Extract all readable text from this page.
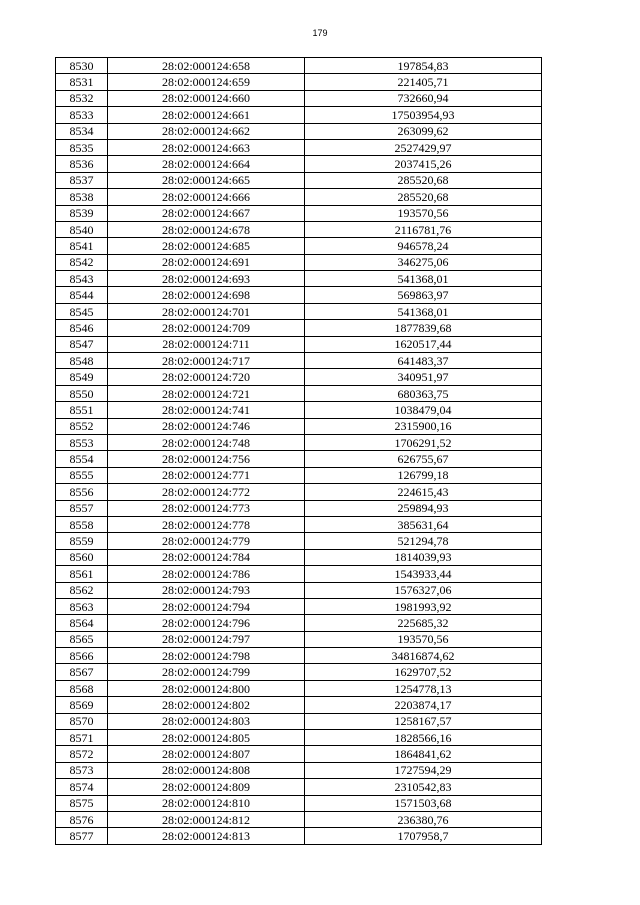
179
8530	28:02:000124:658	197854,83
8531	28:02:000124:659	221405,71
8532	28:02:000124:660	732660,94
8533	28:02:000124:661	17503954,93
8534	28:02:000124:662	263099,62
8535	28:02:000124:663	2527429,97
8536	28:02:000124:664	2037415,26
8537	28:02:000124:665	285520,68
8538	28:02:000124:666	285520,68
8539	28:02:000124:667	193570,56
8540	28:02:000124:678	2116781,76
8541	28:02:000124:685	946578,24
8542	28:02:000124:691	346275,06
8543	28:02:000124:693	541368,01
8544	28:02:000124:698	569863,97
8545	28:02:000124:701	541368,01
8546	28:02:000124:709	1877839,68
8547	28:02:000124:711	1620517,44
8548	28:02:000124:717	641483,37
8549	28:02:000124:720	340951,97
8550	28:02:000124:721	680363,75
8551	28:02:000124:741	1038479,04
8552	28:02:000124:746	2315900,16
8553	28:02:000124:748	1706291,52
8554	28:02:000124:756	626755,67
8555	28:02:000124:771	126799,18
8556	28:02:000124:772	224615,43
8557	28:02:000124:773	259894,93
8558	28:02:000124:778	385631,64
8559	28:02:000124:779	521294,78
8560	28:02:000124:784	1814039,93
8561	28:02:000124:786	1543933,44
8562	28:02:000124:793	1576327,06
8563	28:02:000124:794	1981993,92
8564	28:02:000124:796	225685,32
8565	28:02:000124:797	193570,56
8566	28:02:000124:798	34816874,62
8567	28:02:000124:799	1629707,52
8568	28:02:000124:800	1254778,13
8569	28:02:000124:802	2203874,17
8570	28:02:000124:803	1258167,57
8571	28:02:000124:805	1828566,16
8572	28:02:000124:807	1864841,62
8573	28:02:000124:808	1727594,29
8574	28:02:000124:809	2310542,83
8575	28:02:000124:810	1571503,68
8576	28:02:000124:812	236380,76
8577	28:02:000124:813	1707958,7
